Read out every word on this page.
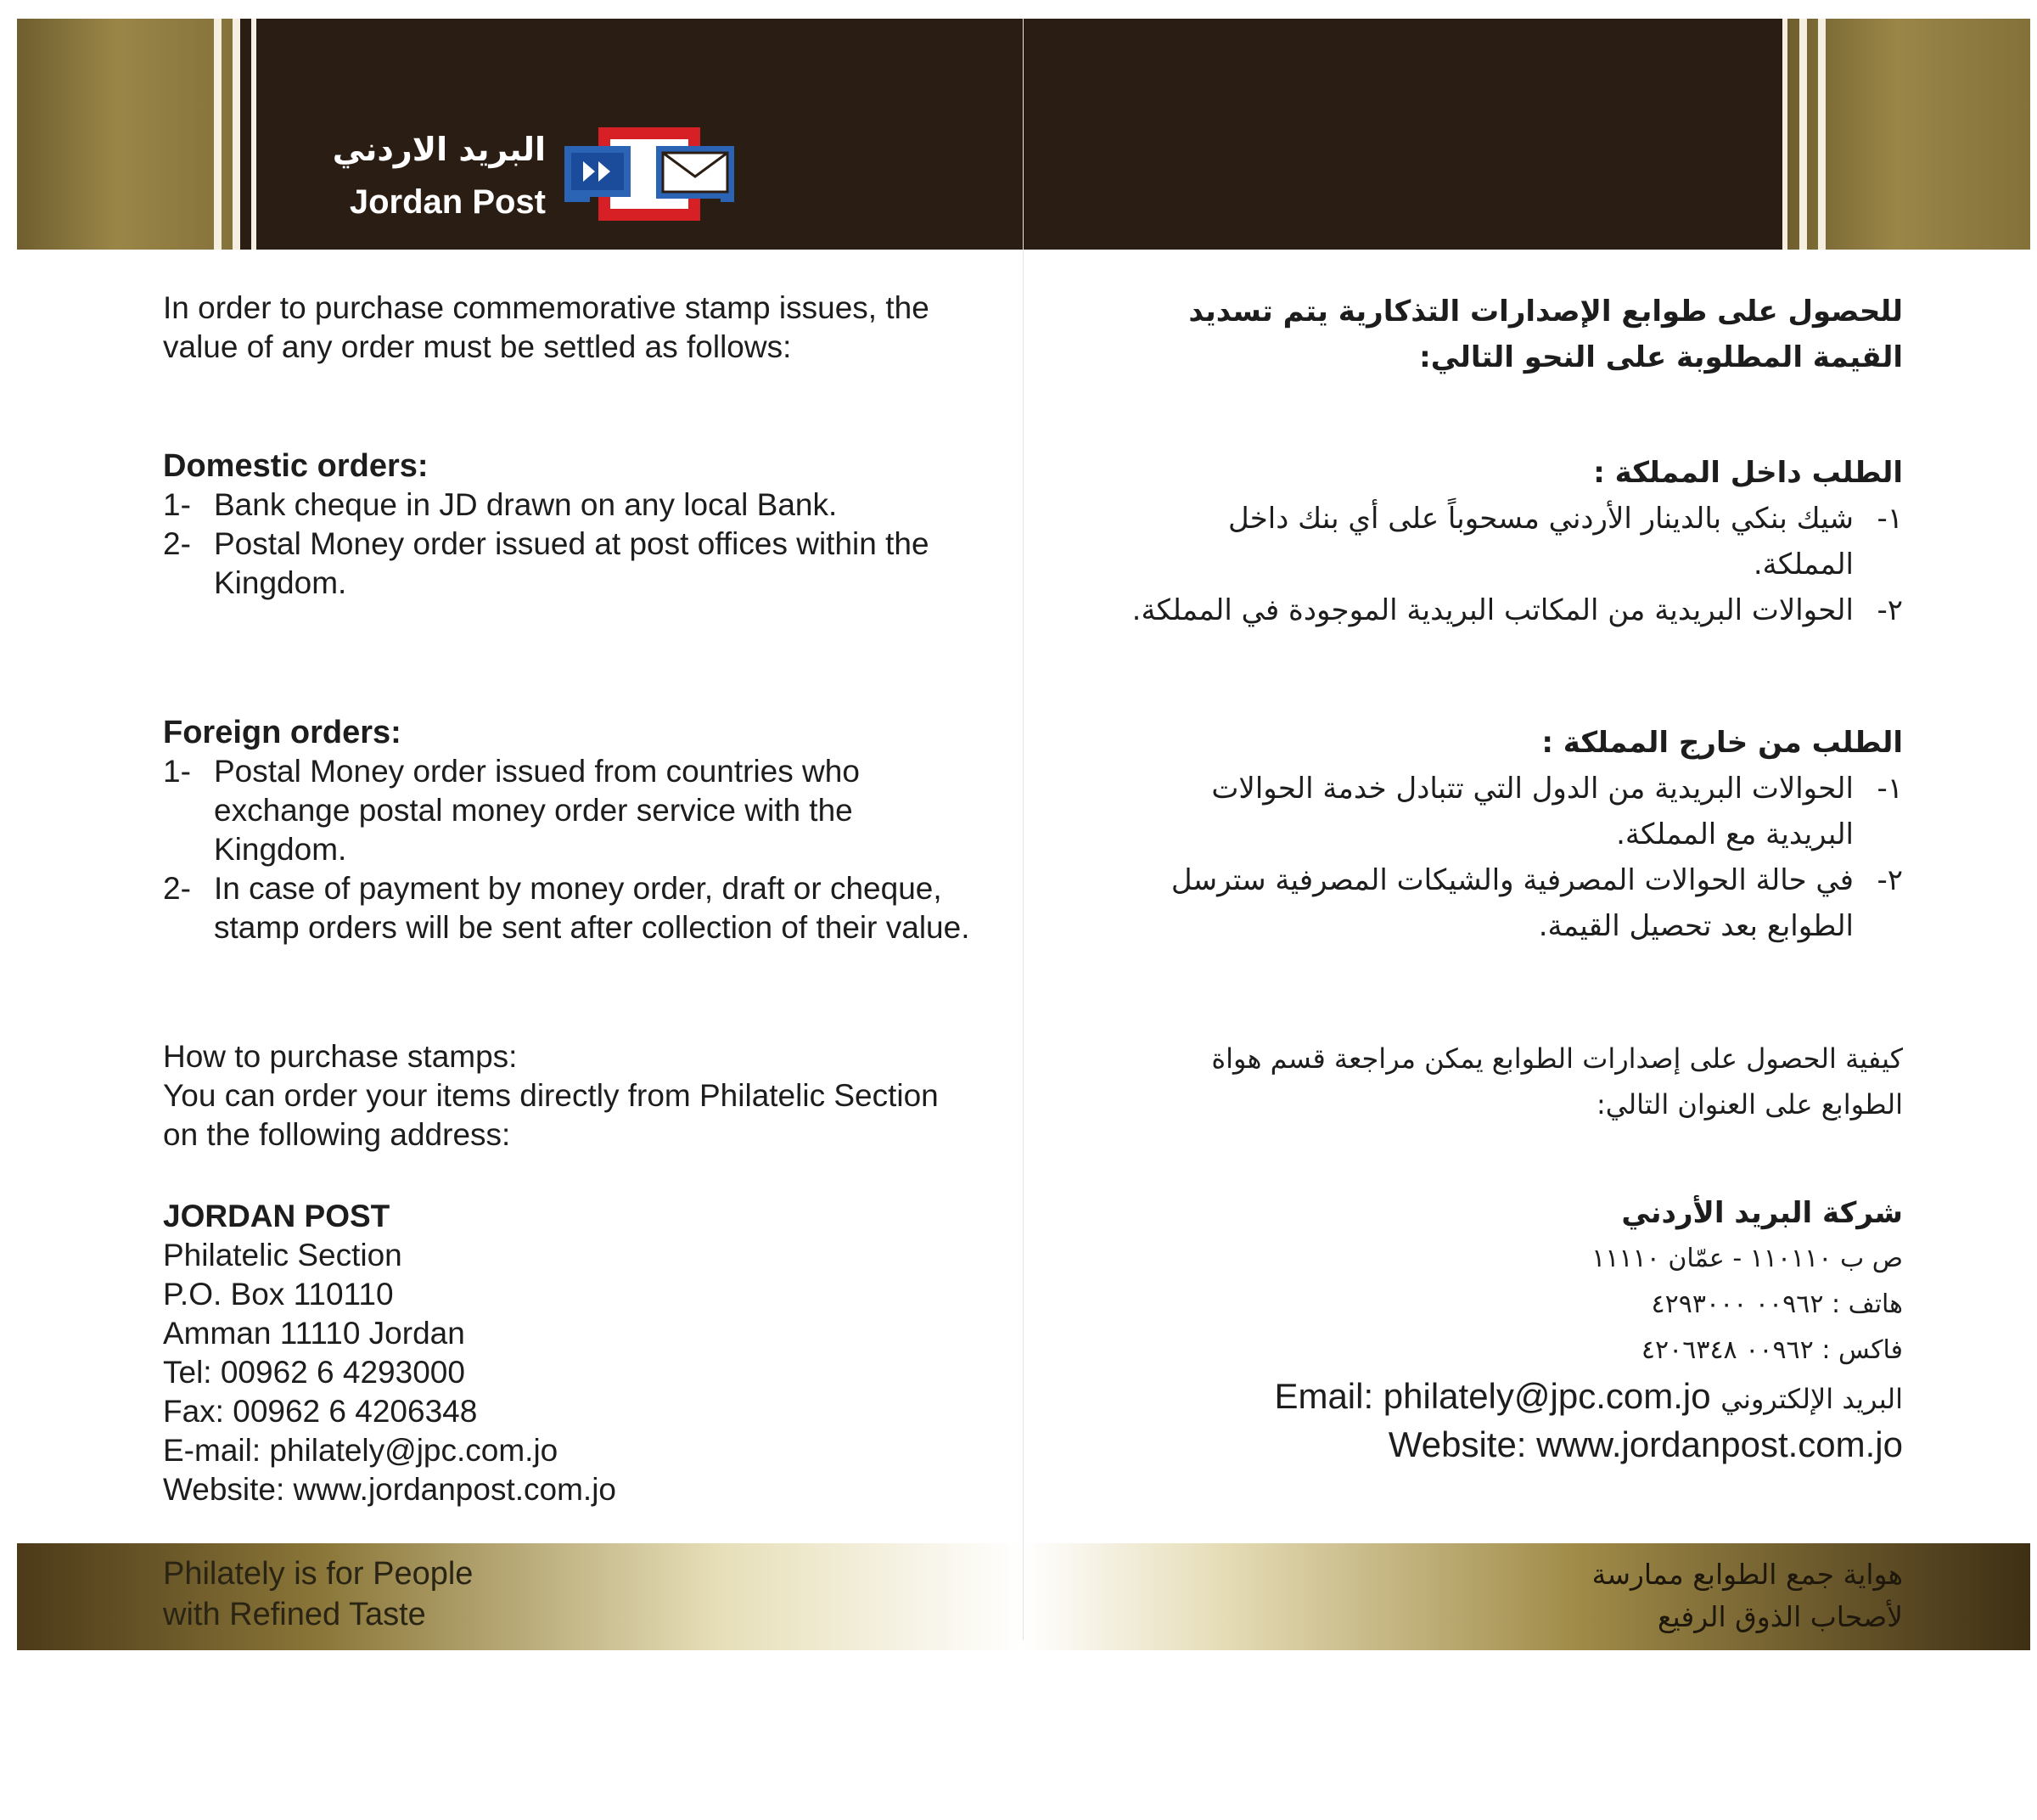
البريد الاردني
Jordan Post

In order to purchase commemorative stamp issues, the value of any order must be settled as follows:

Domestic orders:

1- Bank cheque in JD drawn on any local Bank.
2- Postal Money order issued at post offices within the Kingdom.

Foreign orders:

1- Postal Money order issued from countries who exchange postal money order service with the Kingdom.
2- In case of payment by money order, draft or cheque, stamp orders will be sent after collection of their value.

How to purchase stamps:

You can order your items directly from Philatelic Section on the following address:

JORDAN POST

Philatelic Section

P.O. Box 110110

Amman 11110 Jordan

Tel: 00962 6 4293000

Fax: 00962 6 4206348

E-mail: philately@jpc.com.jo

Website: www.jordanpost.com.jo

Philately is for People
with Refined Taste

للحصول على طوابع الإصدارات التذكارية يتم تسديد القيمة المطلوبة على النحو التالي:

الطلب داخل المملكة :

١-
شيك بنكي بالدينار الأردني مسحوباً على أي بنك داخل المملكة.
٢-
الحوالات البريدية من المكاتب البريدية الموجودة في المملكة.

الطلب من خارج المملكة :

١-
الحوالات البريدية من الدول التي تتبادل خدمة الحوالات البريدية مع المملكة.
٢-
في حالة الحوالات المصرفية والشيكات المصرفية سترسل الطوابع بعد تحصيل القيمة.

كيفية الحصول على إصدارات الطوابع يمكن مراجعة قسم هواة الطوابع على العنوان التالي:

شركة البريد الأردني

ص ب ١١٠١١٠ - عمّان ١١١١٠

هاتف : ٠٠٩٦٢ ٤٢٩٣٠٠٠

فاكس : ٠٠٩٦٢ ٤٢٠٦٣٤٨

Email: philately@jpc.com.jo البريد الإلكتروني

Website: www.jordanpost.com.jo

هواية جمع الطوابع ممارسة
لأصحاب الذوق الرفيع
